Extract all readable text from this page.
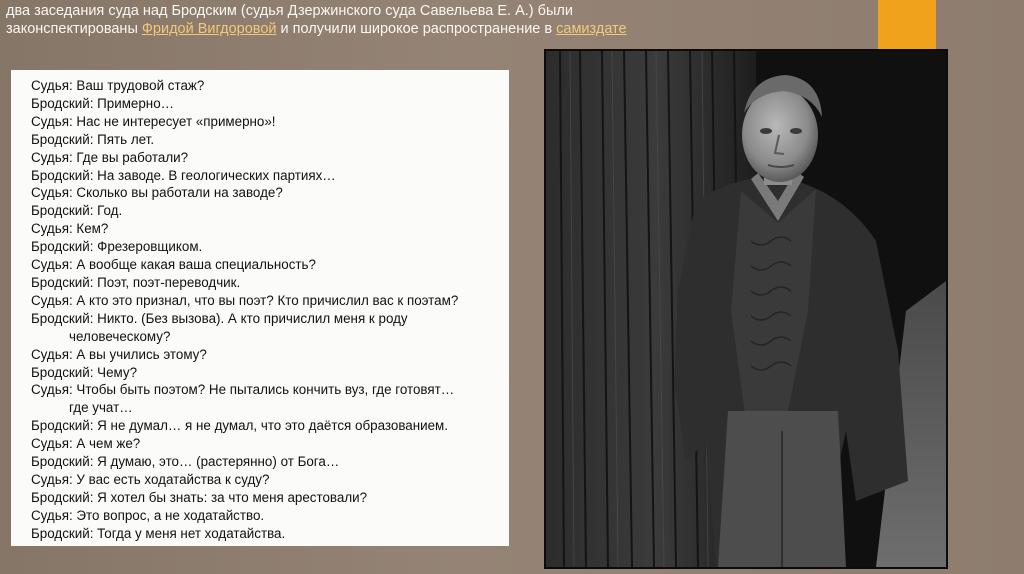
два заседания суда над Бродским (судья Дзержинского суда Савельева Е. А.) были
законспектированы Фридой Вигдоровой и получили широкое распространение в самиздате
Судья: Ваш трудовой стаж?
Бродский: Примерно…
Судья: Нас не интересует «примерно»!
Бродский: Пять лет.
Судья: Где вы работали?
Бродский: На заводе. В геологических партиях…
Судья: Сколько вы работали на заводе?
Бродский: Год.
Судья: Кем?
Бродский: Фрезеровщиком.
Судья: А вообще какая ваша специальность?
Бродский: Поэт, поэт-переводчик.
Судья: А кто это признал, что вы поэт? Кто причислил вас к поэтам?
Бродский: Никто. (Без вызова). А кто причислил меня к роду
человеческому?
Судья: А вы учились этому?
Бродский: Чему?
Судья: Чтобы быть поэтом? Не пытались кончить вуз, где готовят…
где учат…
Бродский: Я не думал… я не думал, что это даётся образованием.
Судья: А чем же?
Бродский: Я думаю, это… (растерянно) от Бога…
Судья: У вас есть ходатайства к суду?
Бродский: Я хотел бы знать: за что меня арестовали?
Судья: Это вопрос, а не ходатайство.
Бродский: Тогда у меня нет ходатайства.
